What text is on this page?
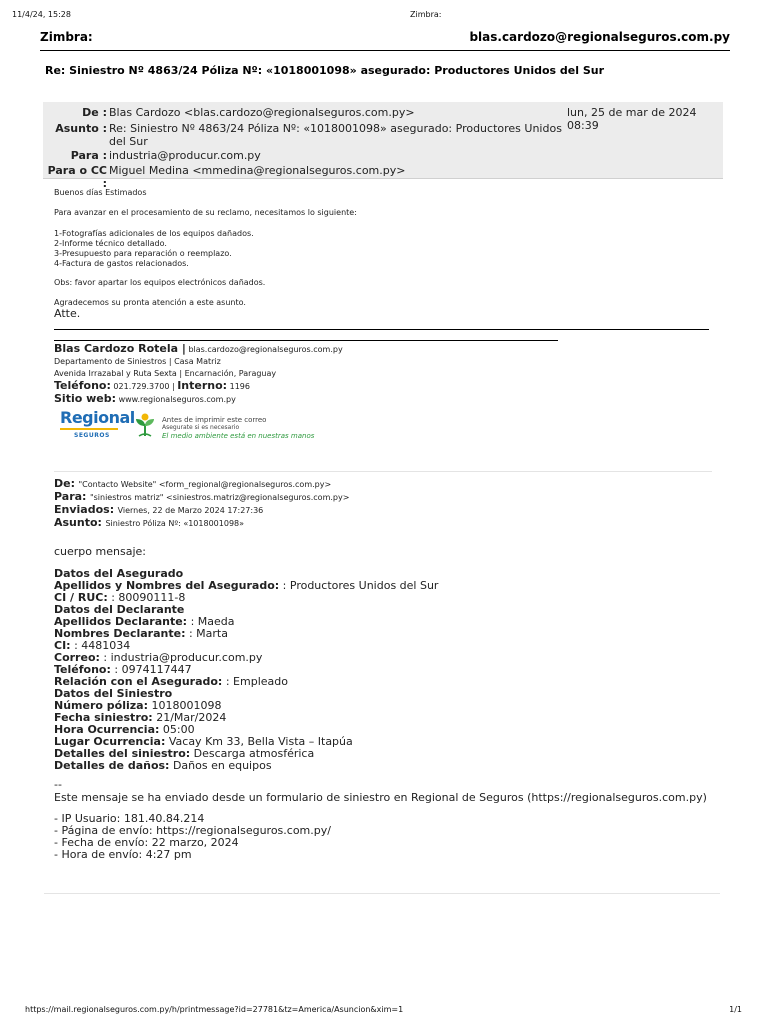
11/4/24, 15:28	Zimbra:
Zimbra:	blas.cardozo@regionalseguros.com.py
Re: Siniestro Nº 4863/24 Póliza Nº: «1018001098» asegurado: Productores Unidos del Sur
De : Blas Cardozo <blas.cardozo@regionalseguros.com.py>	lun, 25 de mar de 2024 08:39
Asunto : Re: Siniestro Nº 4863/24 Póliza Nº: «1018001098» asegurado: Productores Unidos del Sur
Para : industria@producur.com.py
Para o CC :
Miguel Medina <mmedina@regionalseguros.com.py>
Buenos días Estimados
Para avanzar en el procesamiento de su reclamo, necesitamos lo siguiente:
1-Fotografías adicionales de los equipos dañados.
2-Informe técnico detallado.
3-Presupuesto para reparación o reemplazo.
4-Factura de gastos relacionados.
Obs: favor apartar los equipos electrónicos dañados.
Agradecemos su pronta atención a este asunto.
Atte.
Blas Cardozo Rotela | blas.cardozo@regionalseguros.com.py
Departamento de Siniestros | Casa Matriz
Avenida Irrazabal y Ruta Sexta | Encarnación, Paraguay
Teléfono: 021.729.3700 | Interno: 1196
Sitio web: www.regionalseguros.com.py
Regional
SEGUROS
Antes de imprimir este correo
Asegurate si es necesario
El medio ambiente está en nuestras manos
De: "Contacto Website" <form_regional@regionalseguros.com.py>
Para: "siniestros matriz" <siniestros.matriz@regionalseguros.com.py>
Enviados: Viernes, 22 de Marzo 2024 17:27:36
Asunto: Siniestro Póliza Nº: «1018001098»
cuerpo mensaje:
Datos del Asegurado
Apellidos y Nombres del Asegurado: : Productores Unidos del Sur
CI / RUC: : 80090111-8
Datos del Declarante
Apellidos Declarante: : Maeda
Nombres Declarante: : Marta
CI: : 4481034
Correo: : industria@producur.com.py
Teléfono: : 0974117447
Relación con el Asegurado: : Empleado
Datos del Siniestro
Número póliza: 1018001098
Fecha siniestro: 21/Mar/2024
Hora Ocurrencia: 05:00
Lugar Ocurrencia: Vacay Km 33, Bella Vista – Itapúa
Detalles del siniestro: Descarga atmosférica
Detalles de daños: Daños en equipos
--
Este mensaje se ha enviado desde un formulario de siniestro en Regional de Seguros (https://regionalseguros.com.py)
- IP Usuario: 181.40.84.214
- Página de envío: https://regionalseguros.com.py/
- Fecha de envío: 22 marzo, 2024
- Hora de envío: 4:27 pm
https://mail.regionalseguros.com.py/h/printmessage?id=27781&tz=America/Asuncion&xim=1	1/1
